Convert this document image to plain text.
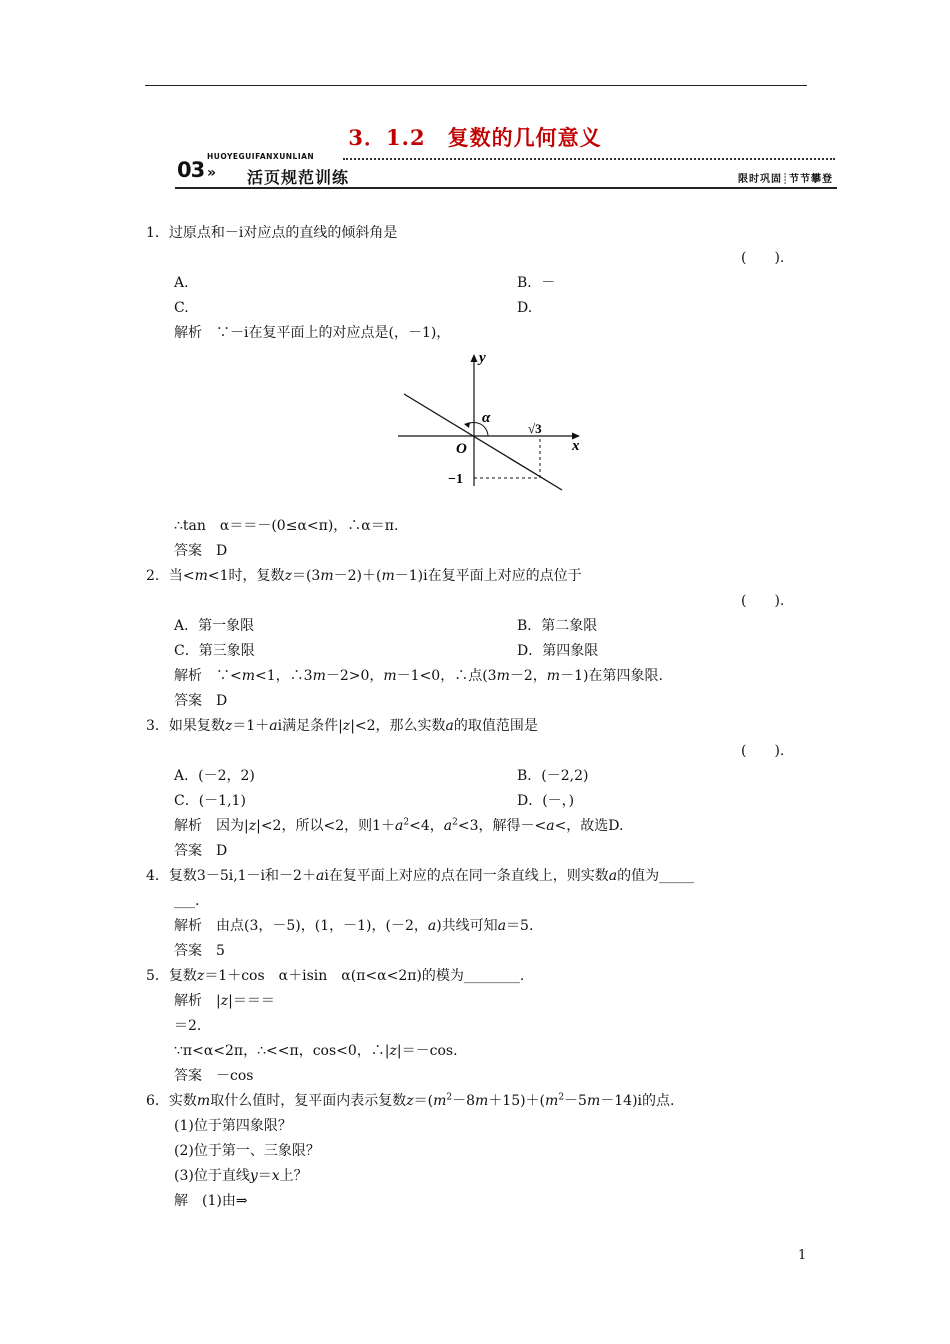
3．1.2　复数的几何意义
03
HUOYEGUIFANXUNLIAN
» 活页规范训练	限时巩固┊节节攀登
1．过原点和－i对应点的直线的倾斜角是
(　　).
A.	B．－
C.	D.
解析　∵－i在复平面上的对应点是(，－1)，
y
x
O
α
√3
−1
∴tan　α＝＝－(0≤α<π)，∴α＝π.
答案　D
2．当<m<1时，复数z＝(3m－2)＋(m－1)i在复平面上对应的点位于
(　　).
A．第一象限	B．第二象限
C．第三象限	D．第四象限
解析　∵<m<1，∴3m－2>0，m－1<0，∴点(3m－2，m－1)在第四象限.
答案　D
3．如果复数z＝1＋ai满足条件|z|<2，那么实数a的取值范围是
(　　).
A．(－2，2)	B．(－2,2)
C．(－1,1)	D．(－，)
解析　因为|z|<2，所以<2，则$1+a^2<4$，$a^2<3$，解得－<a<，故选D.
答案　D
4．复数3－5i,1－i和－2＋ai在复平面上对应的点在同一条直线上，则实数a的值为_____
___.
解析　由点(3，－5)，(1，－1)，(－2，a)共线可知a＝5.
答案　5
5．复数z＝1＋cos　α＋isin　α(π<α<2π)的模为________.
解析　|z|＝＝＝
＝2.
∵π<α<2π，∴<<π，cos<0，∴|z|＝－cos.
答案　－cos
6．实数m取什么值时，复平面内表示复数$z=(m^2-8m+15)+(m^2-5m-14)i$的点.
(1)位于第四象限？
(2)位于第一、三象限？
(3)位于直线y＝x上？
解　(1)由⇒
1
